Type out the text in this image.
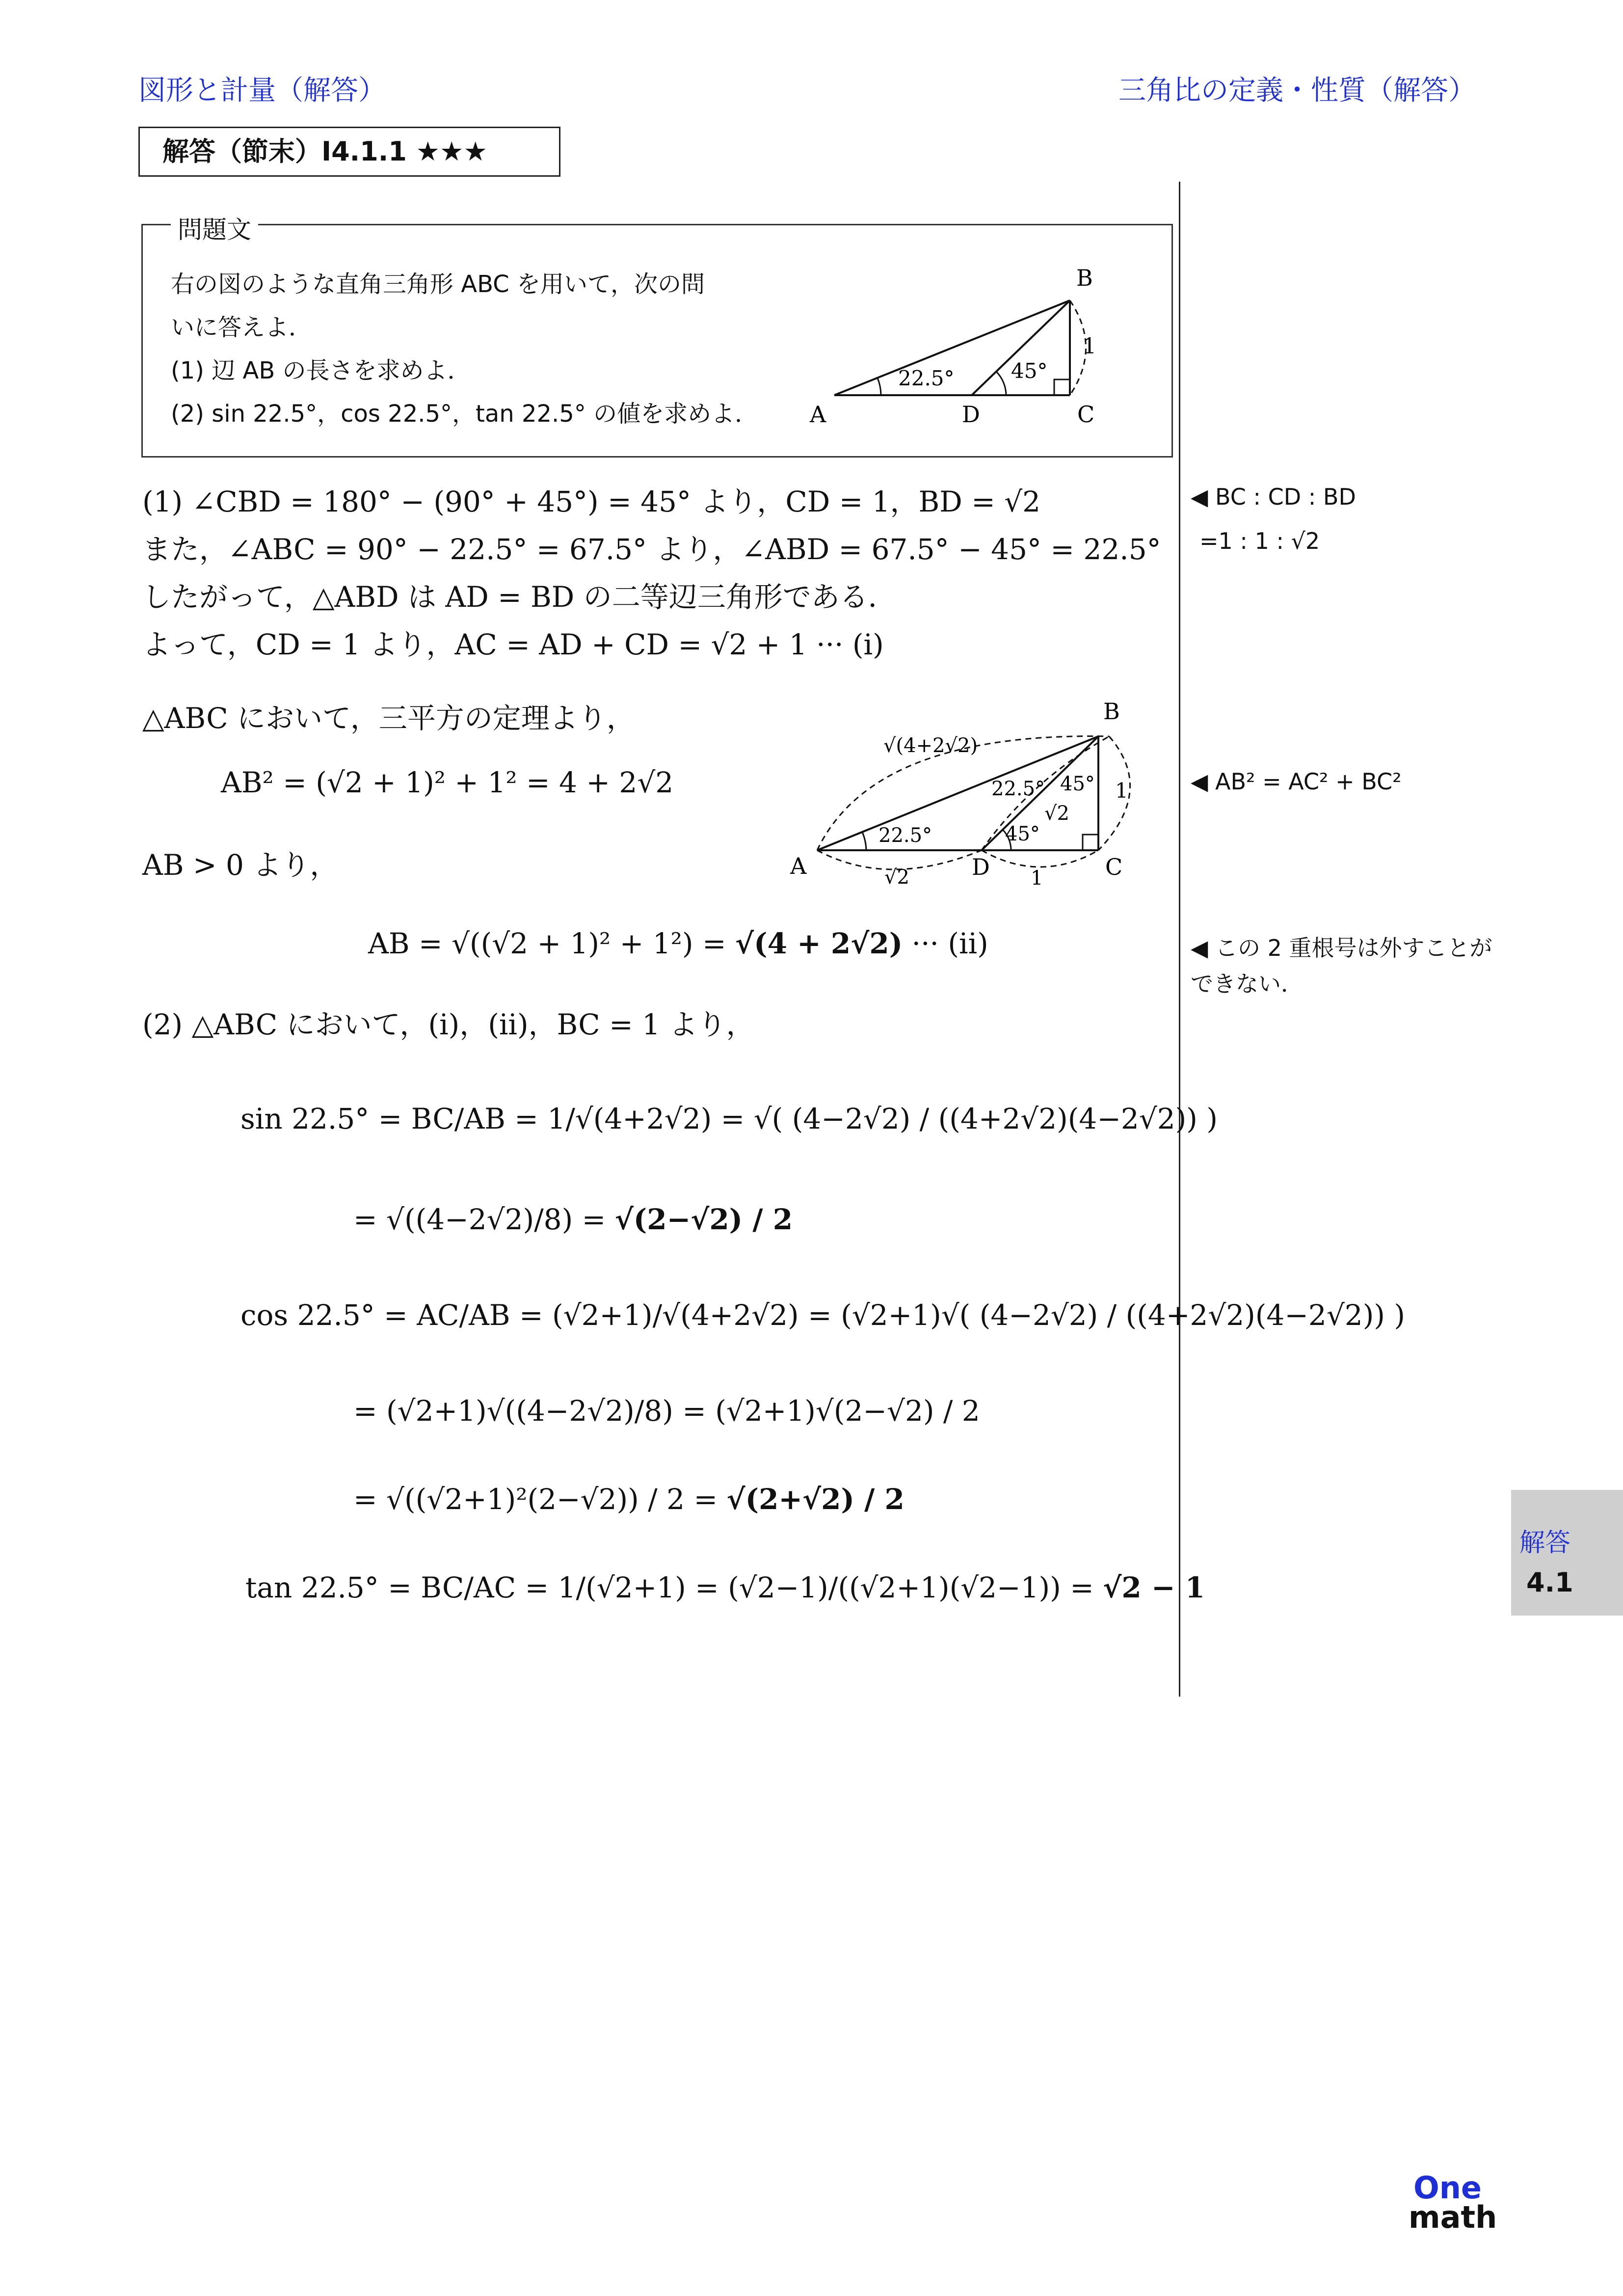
図形と計量（解答）	三角比の定義・性質（解答）
解答（節末）I4.1.1 ★★★
問題文
右の図のような直角三角形 ABC を用いて，次の問
いに答えよ．
(1) 辺 AB の長さを求めよ．
(2) sin 22.5°，cos 22.5°，tan 22.5° の値を求めよ．
B
A	D	C
1
22.5°	45°
(1) ∠CBD = 180° − (90° + 45°) = 45° より，CD = 1，BD = √2
また，∠ABC = 90° − 22.5° = 67.5° より，∠ABD = 67.5° − 45° = 22.5°
したがって，△ABD は AD = BD の二等辺三角形である．
よって，CD = 1 より，AC = AD + CD = √2 + 1 ··· (i)
△ABC において，三平方の定理より，
AB² = (√2 + 1)² + 1² = 4 + 2√2
AB > 0 より，
AB = √((√2 + 1)² + 1²) = √(4 + 2√2) ··· (ii)
B
A	D	C
√(4+2√2)
22.5° 45°
√2
1
22.5°	45°
√2	1
(2) △ABC において，(i)，(ii)，BC = 1 より，
sin 22.5° = BC/AB = 1/√(4+2√2) = √( (4−2√2) / ((4+2√2)(4−2√2)) )
= √((4−2√2)/8) = √(2−√2) / 2
cos 22.5° = AC/AB = (√2+1)/√(4+2√2) = (√2+1)√( (4−2√2) / ((4+2√2)(4−2√2)) )
= (√2+1)√((4−2√2)/8) = (√2+1)√(2−√2) / 2
= √((√2+1)²(2−√2)) / 2 = √(2+√2) / 2
tan 22.5° = BC/AC = 1/(√2+1) = (√2−1)/((√2+1)(√2−1)) = √2 − 1
◀ BC : CD : BD
=1 : 1 : √2
◀ AB² = AC² + BC²
◀ この 2 重根号は外すことが
できない．
解答
4.1
One
math
